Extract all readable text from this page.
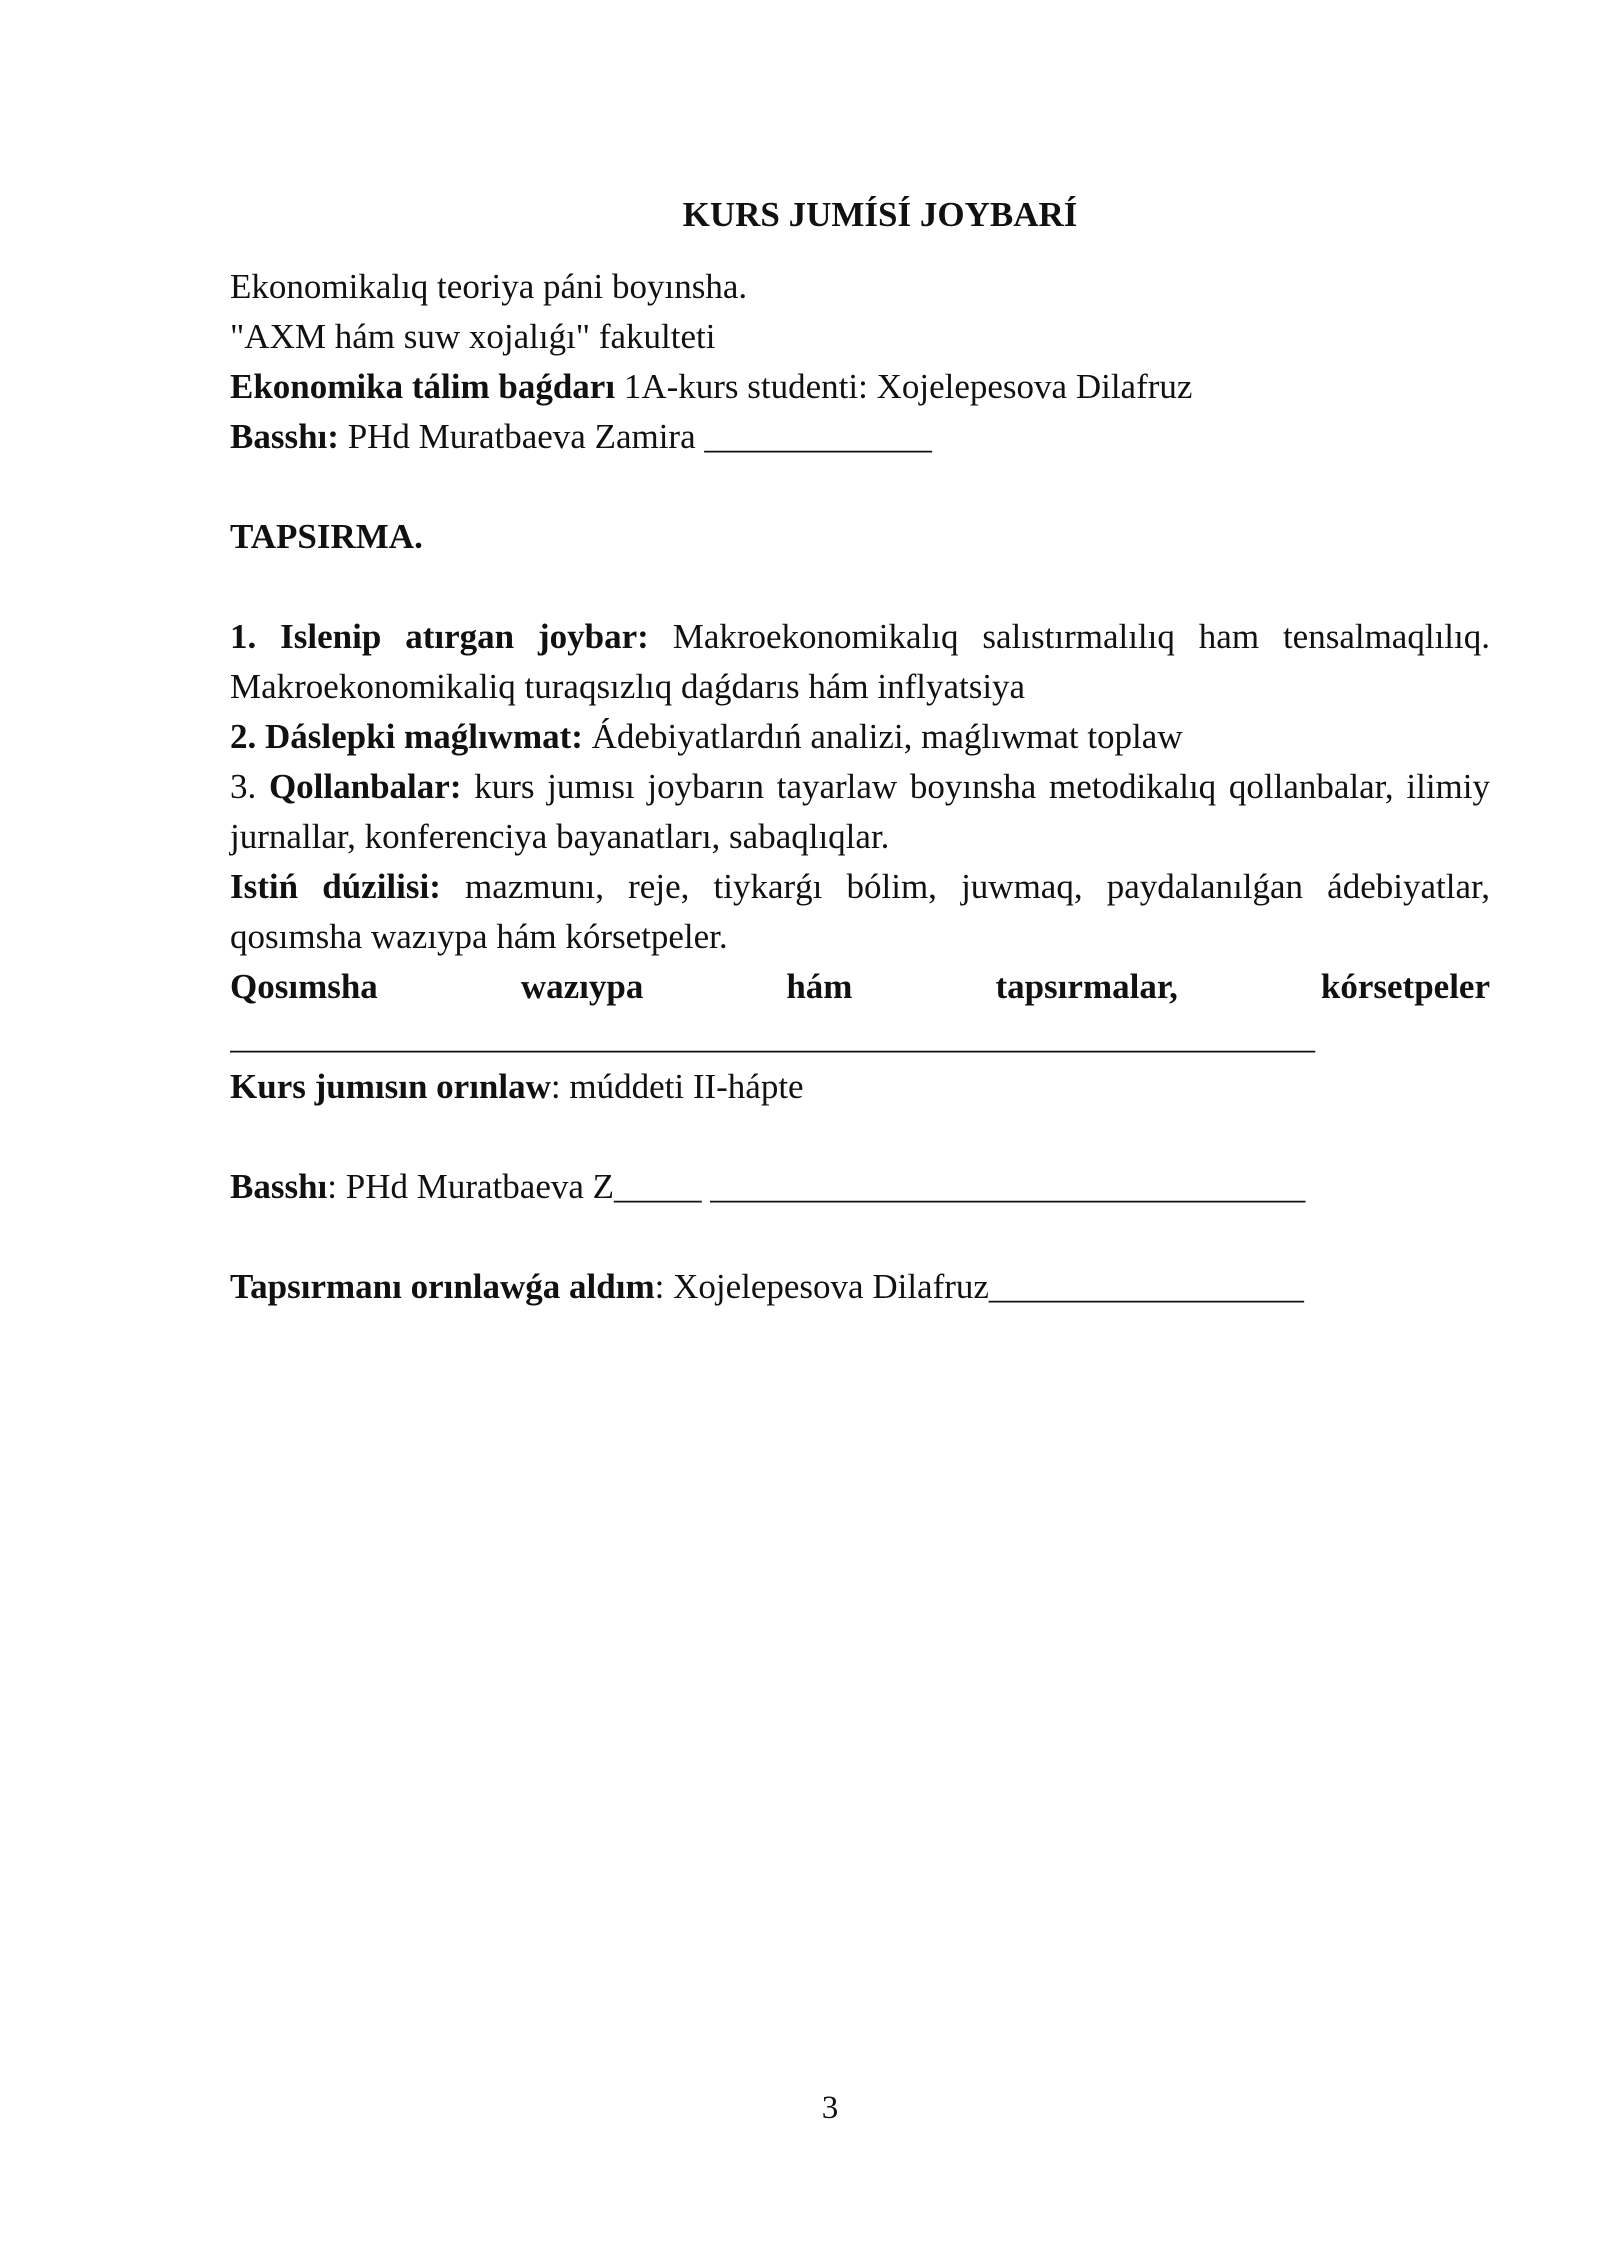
KURS JUMÍSÍ JOYBARÍ

Ekonomikalıq teoriya páni boyınsha.

"AXM hám suw xojalıǵı" fakulteti

Ekonomika tálim baǵdarı 1A-kurs studenti: Xojelepesova Dilafruz

Basshı: PHd Muratbaeva Zamira _____________

TAPSIRMA.

1. Islenip atırgan joybar: Makroekonomikalıq salıstırmalılıq ham tensalmaqlılıq. Makroekonomikaliq turaqsızlıq daǵdarıs hám inflyatsiya

2. Dáslepki maǵlıwmat: Ádebiyatlardıń analizi, maǵlıwmat toplaw

3. Qollanbalar: kurs jumısı joybarın tayarlaw boyınsha metodikalıq qollanbalar, ilimiy jurnallar, konferenciya bayanatları, sabaqlıqlar.

Istiń dúzilisi: mazmunı, reje, tiykarǵı bólim, juwmaq, paydalanılǵan ádebiyatlar, qosımsha wazıypa hám kórsetpeler.

Qosımsha	wazıypa	hám	tapsırmalar,	kórsetpeler

______________________________________________________________

Kurs jumısın orınlaw: múddeti II-hápte

Basshı: PHd Muratbaeva Z_____ __________________________________

Tapsırmanı orınlawǵa aldım: Xojelepesova Dilafruz__________________

3
